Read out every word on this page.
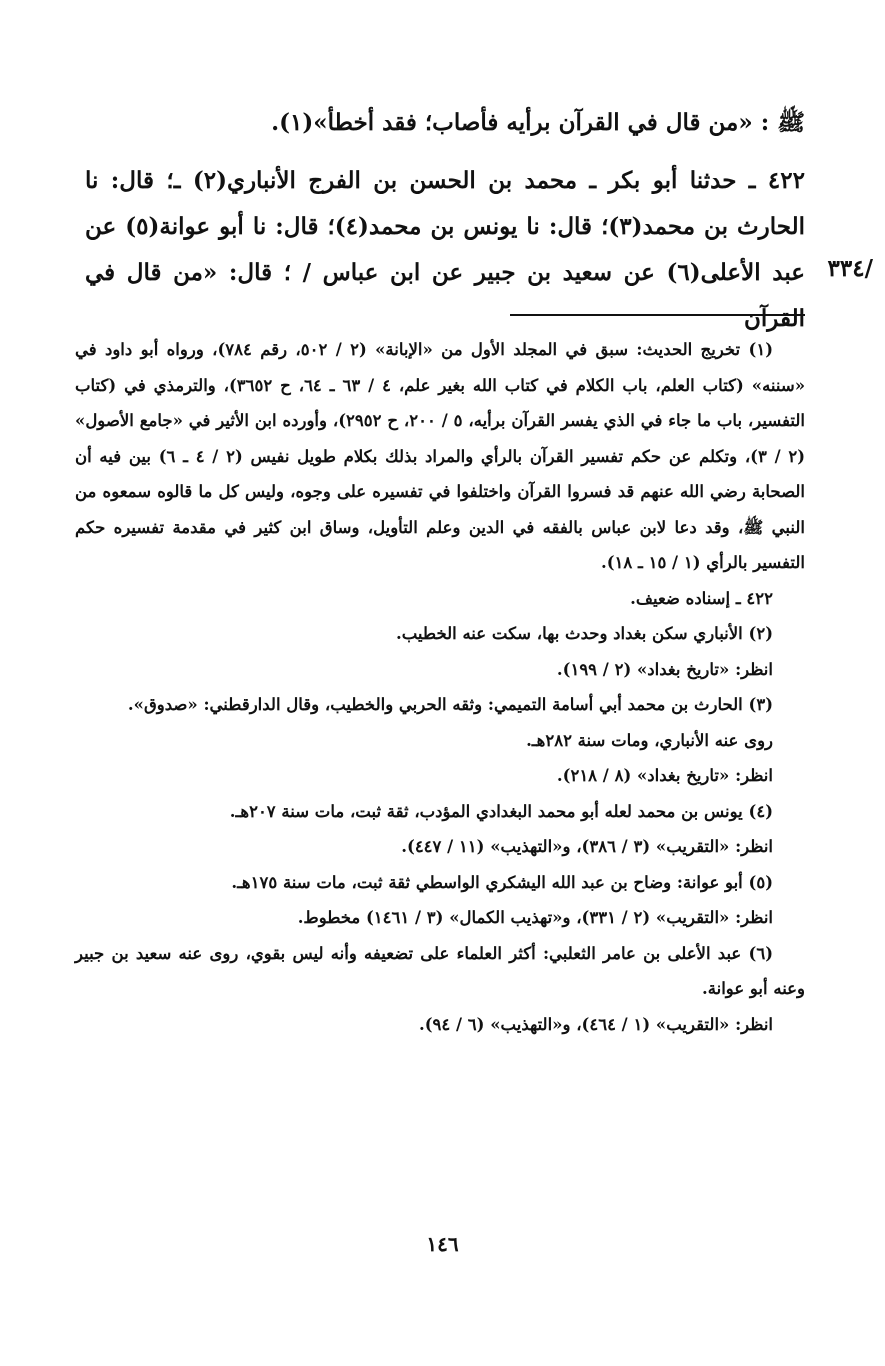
ﷺ : «من قال في القرآن برأيه فأصاب؛ فقد أخطأ»(١).

٤٢٢ ـ حدثنا أبو بكر ـ محمد بن الحسن بن الفرج الأنباري(٢) ـ؛ قال: نا الحارث بن محمد(٣)؛ قال: نا يونس بن محمد(٤)؛ قال: نا أبو عوانة(٥) عن عبد الأعلى(٦) عن سعيد بن جبير عن ابن عباس / ؛ قال: «من قال في القرآن

/٣٣٤

(١) تخريج الحديث: سبق في المجلد الأول من «الإبانة» (٢ / ٥٠٢، رقم ٧٨٤)، ورواه أبو داود في «سننه» (كتاب العلم، باب الكلام في كتاب الله بغير علم، ٤ / ٦٣ ـ ٦٤، ح ٣٦٥٢)، والترمذي في (كتاب التفسير، باب ما جاء في الذي يفسر القرآن برأيه، ٥ / ٢٠٠، ح ٢٩٥٢)، وأورده ابن الأثير في «جامع الأصول» (٢ / ٣)، وتكلم عن حكم تفسير القرآن بالرأي والمراد بذلك بكلام طويل نفيس (٢ / ٤ ـ ٦) بين فيه أن الصحابة رضي الله عنهم قد فسروا القرآن واختلفوا في تفسيره على وجوه، وليس كل ما قالوه سمعوه من النبي ﷺ، وقد دعا لابن عباس بالفقه في الدين وعلم التأويل، وساق ابن كثير في مقدمة تفسيره حكم التفسير بالرأي (١ / ١٥ ـ ١٨).

٤٢٢ ـ إسناده ضعيف.

(٢) الأنباري سكن بغداد وحدث بها، سكت عنه الخطيب.

انظر: «تاريخ بغداد» (٢ / ١٩٩).

(٣) الحارث بن محمد أبي أسامة التميمي: وثقه الحربي والخطيب، وقال الدارقطني: «صدوق».

روى عنه الأنباري، ومات سنة ٢٨٢هـ.

انظر: «تاريخ بغداد» (٨ / ٢١٨).

(٤) يونس بن محمد لعله أبو محمد البغدادي المؤدب، ثقة ثبت، مات سنة ٢٠٧هـ.

انظر: «التقريب» (٣ / ٣٨٦)، و«التهذيب» (١١ / ٤٤٧).

(٥) أبو عوانة: وضاح بن عبد الله اليشكري الواسطي ثقة ثبت، مات سنة ١٧٥هـ.

انظر: «التقريب» (٢ / ٣٣١)، و«تهذيب الكمال» (٣ / ١٤٦١) مخطوط.

(٦) عبد الأعلى بن عامر الثعلبي: أكثر العلماء على تضعيفه وأنه ليس بقوي، روى عنه سعيد بن جبير وعنه أبو عوانة.

انظر: «التقريب» (١ / ٤٦٤)، و«التهذيب» (٦ / ٩٤).

١٤٦
